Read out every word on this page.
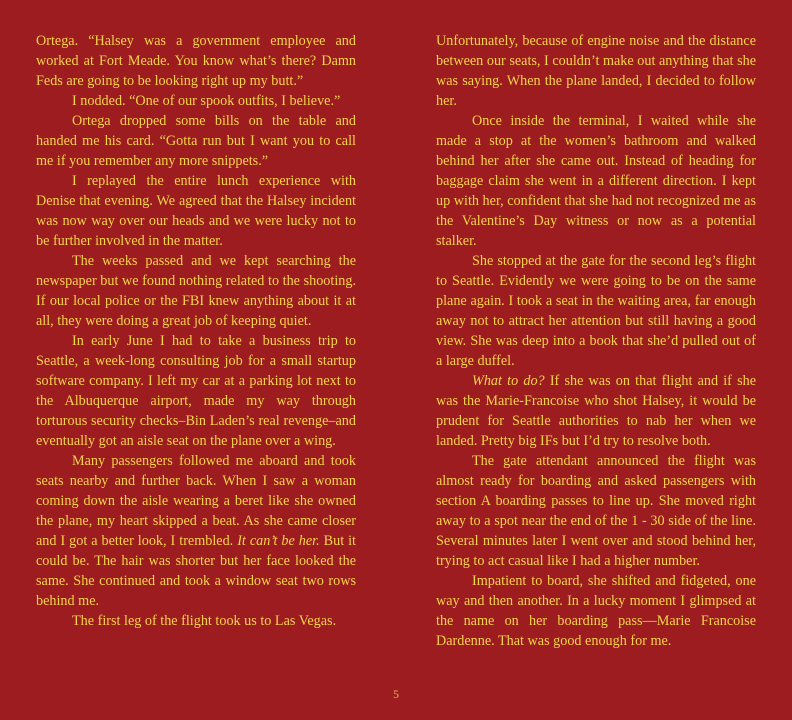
Ortega. “Halsey was a government employee and worked at Fort Meade. You know what’s there? Damn Feds are going to be looking right up my butt.”

I nodded. “One of our spook outfits, I believe.”

Ortega dropped some bills on the table and handed me his card. “Gotta run but I want you to call me if you remember any more snippets.”

I replayed the entire lunch experience with Denise that evening. We agreed that the Halsey incident was now way over our heads and we were lucky not to be further involved in the matter.

The weeks passed and we kept searching the newspaper but we found nothing related to the shooting. If our local police or the FBI knew anything about it at all, they were doing a great job of keeping quiet.

In early June I had to take a business trip to Seattle, a week-long consulting job for a small startup software company. I left my car at a parking lot next to the Albuquerque airport, made my way through torturous security checks–Bin Laden’s real revenge–and eventually got an aisle seat on the plane over a wing.

Many passengers followed me aboard and took seats nearby and further back. When I saw a woman coming down the aisle wearing a beret like she owned the plane, my heart skipped a beat. As she came closer and I got a better look, I trembled. It can’t be her. But it could be. The hair was shorter but her face looked the same. She continued and took a window seat two rows behind me.

The first leg of the flight took us to Las Vegas.

Unfortunately, because of engine noise and the distance between our seats, I couldn’t make out anything that she was saying. When the plane landed, I decided to follow her.

Once inside the terminal, I waited while she made a stop at the women’s bathroom and walked behind her after she came out. Instead of heading for baggage claim she went in a different direction. I kept up with her, confident that she had not recognized me as the Valentine’s Day witness or now as a potential stalker.

She stopped at the gate for the second leg’s flight to Seattle. Evidently we were going to be on the same plane again. I took a seat in the waiting area, far enough away not to attract her attention but still having a good view. She was deep into a book that she’d pulled out of a large duffel.

What to do? If she was on that flight and if she was the Marie-Francoise who shot Halsey, it would be prudent for Seattle authorities to nab her when we landed. Pretty big IFs but I’d try to resolve both.

The gate attendant announced the flight was almost ready for boarding and asked passengers with section A boarding passes to line up. She moved right away to a spot near the end of the 1 - 30 side of the line. Several minutes later I went over and stood behind her, trying to act casual like I had a higher number.

Impatient to board, she shifted and fidgeted, one way and then another. In a lucky moment I glimpsed at the name on her boarding pass—Marie Francoise Dardenne. That was good enough for me.

5
